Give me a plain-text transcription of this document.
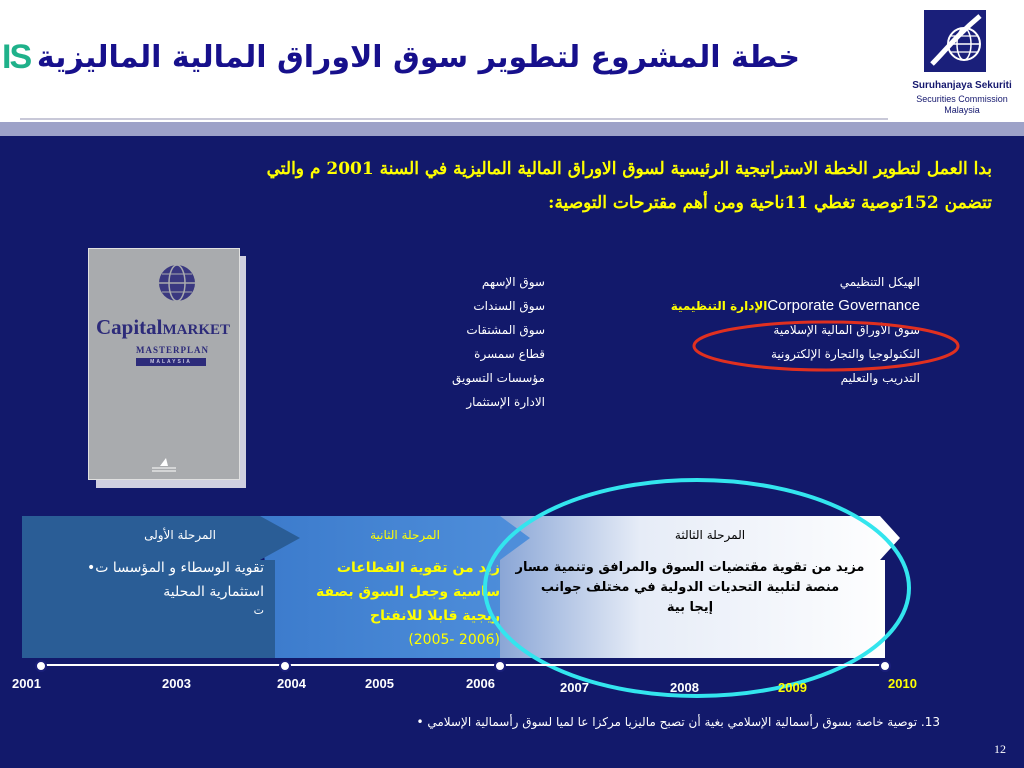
IS خطة المشروع لتطوير سوق الاوراق المالية الماليزية
Suruhanjaya Sekuriti
Securities Commission
Malaysia
بدا العمل لتطوير الخطة الاستراتيجية الرئيسية لسوق الاوراق المالية الماليزية في السنة 2001 م والتي
تتضمن 152توصية تغطي 11ناحية ومن أهم مقترحات التوصية:
CapitalMARKET
MASTERPLAN
MALAYSIA
سوق الإسهم
سوق السندات
سوق المشتقات
قطاع سمسرة
مؤسسات التسويق
الادارة الإستثمار
الهيكل التنظيمي
Corporate Governanceالإدارة التنظيمية
سوق الأوراق المالية الإسلامية
التكنولوجيا والتجارة الإلكترونية
التدريب والتعليم
المرحلة الأولى	المرحلة الثانية	المرحلة الثالثة
تقوية الوسطاء و المؤسسا ت•
استثمارية المحلية
ت
زيد من تقوية القطاعات
ساسية وجعل السوق بصفة
ريجية قابلا للانفتاح
(2005- 2006)
مزيد من تقوية مقتضيات السوق والمرافق وتنمية مسار
منصة لتلبية التحديات الدولية في مختلف جوانب
إيجا بية
2001	2003	2004	2005	2006	2007	2008	2009	2010
13. توصية خاصة بسوق رأسمالية الإسلامي بغية أن تصبح ماليزيا مركزا عا لميا لسوق رأسمالية الإسلامي •
12
